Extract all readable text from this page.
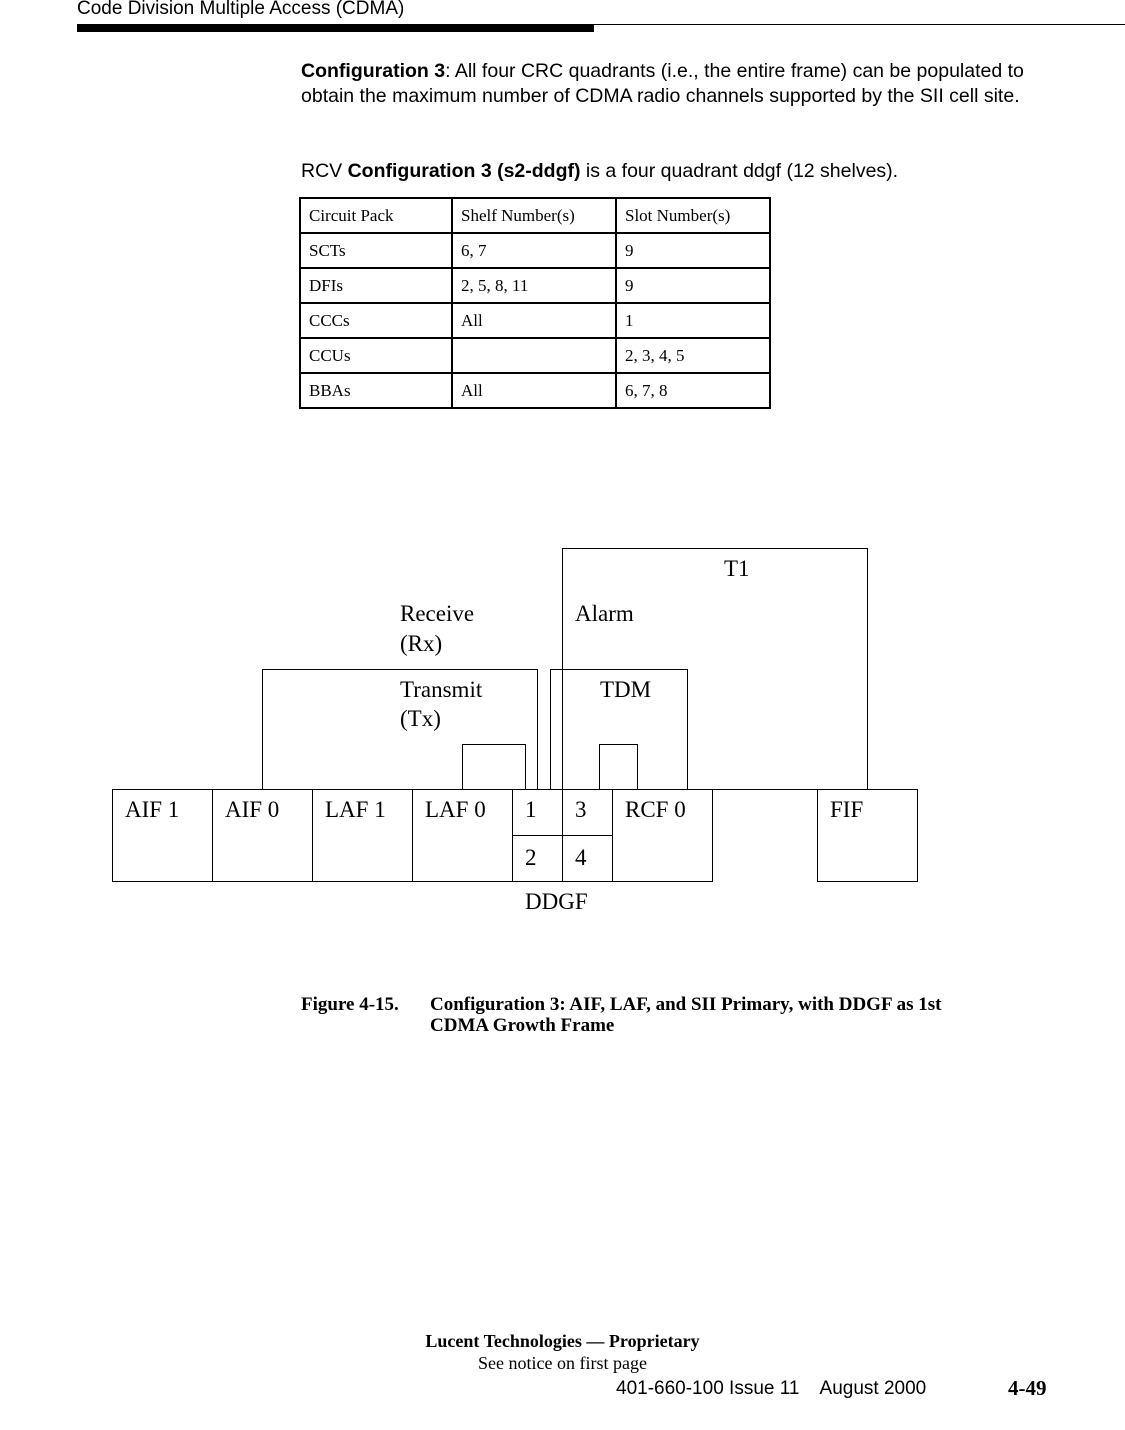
Code Division Multiple Access (CDMA)
Configuration 3: All four CRC quadrants (i.e., the entire frame) can be populated to obtain the maximum number of CDMA radio channels supported by the SII cell site.
RCV Configuration 3 (s2-ddgf) is a four quadrant ddgf (12 shelves).
Circuit Pack	Shelf Number(s)	Slot Number(s)
SCTs	6, 7	9
DFIs	2, 5, 8, 11	9
CCCs	All	1
CCUs		2, 3, 4, 5
BBAs	All	6, 7, 8
T1
Receive
(Rx)
Alarm
Transmit
(Tx)
TDM
AIF 1 AIF 0 LAF 1 LAF 0 1
2
3
4
RCF 0	FIF
DDGF
Figure 4-15. Configuration 3: AIF, LAF, and SII Primary, with DDGF as 1st
CDMA Growth Frame
Lucent Technologies — Proprietary
See notice on first page
401-660-100 Issue 11    August 2000	4-49
